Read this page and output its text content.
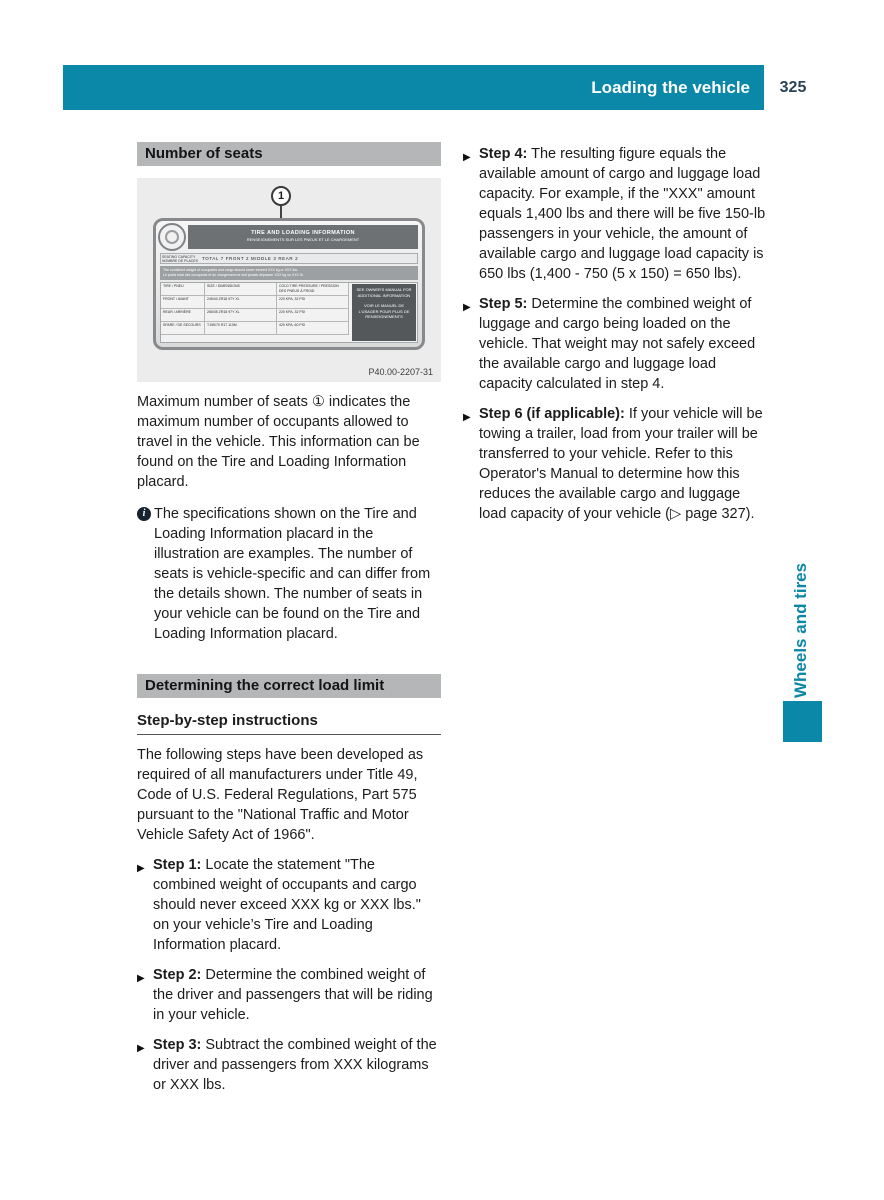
Loading the vehicle	325
Number of seats
1
TIRE AND LOADING INFORMATION
RENSEIGNEMENTS SUR LES PNEUS ET LE CHARGEMENT
SEATING CAPACITY
NOMBRE DE PLACES TOTAL 7 FRONT 2 MIDDLE 3 REAR 2
The combined weight of occupants and cargo should never exceed XXX kg or XXX lbs.
Le poids total des occupants et du chargement ne doit jamais dépasser XXX kg ou XXX lb.
TIRE / PNEU	SIZE / DIMENSIONS	COLD TIRE PRESSURE / PRESSION DES PNEUS À FROID
FRONT / AVANT	245/40 ZR18 97Y XL	220 KPA, 32 PSI
REAR / ARRIÈRE	265/35 ZR18 97Y XL	220 KPA, 32 PSI
SPARE / DE SECOURS	T155/70 R17 110M	420 KPA, 60 PSI
SEE OWNER'S MANUAL FOR ADDITIONAL INFORMATION
VOIR LE MANUEL DE L'USAGER POUR PLUS DE RENSEIGNEMENTS
P40.00-2207-31

Maximum number of seats ① indicates the maximum number of occupants allowed to travel in the vehicle. This information can be found on the Tire and Loading Information placard.

i The specifications shown on the Tire and Loading Information placard in the illustration are examples. The number of seats is vehicle-specific and can differ from the details shown. The number of seats in your vehicle can be found on the Tire and Loading Information placard.
Determining the correct load limit
Step-by-step instructions

The following steps have been developed as required of all manufacturers under Title 49, Code of U.S. Federal Regulations, Part 575 pursuant to the "National Traffic and Motor Vehicle Safety Act of 1966".

▶ Step 1: Locate the statement "The combined weight of occupants and cargo should never exceed XXX kg or XXX lbs." on your vehicle’s Tire and Loading Information placard.
▶ Step 2: Determine the combined weight of the driver and passengers that will be riding in your vehicle.
▶ Step 3: Subtract the combined weight of the driver and passengers from XXX kilograms or XXX lbs.
▶ Step 4: The resulting figure equals the available amount of cargo and luggage load capacity. For example, if the "XXX" amount equals 1,400 lbs and there will be five 150-lb passengers in your vehicle, the amount of available cargo and luggage load capacity is 650 lbs (1,400 - 750 (5 x 150) = 650 lbs).
▶ Step 5: Determine the combined weight of luggage and cargo being loaded on the vehicle. That weight may not safely exceed the available cargo and luggage load capacity calculated in step 4.
▶ Step 6 (if applicable): If your vehicle will be towing a trailer, load from your trailer will be transferred to your vehicle. Refer to this Operator's Manual to determine how this reduces the available cargo and luggage load capacity of your vehicle (▷ page 327).
Wheels and tires
